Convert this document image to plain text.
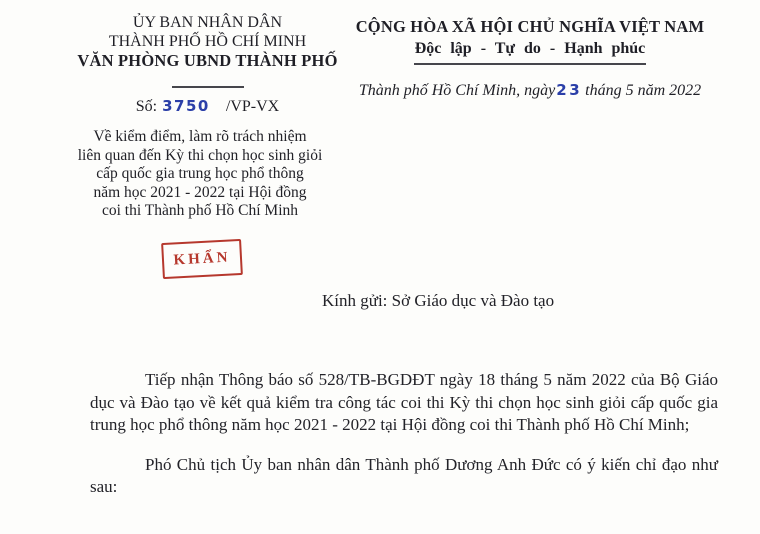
ỦY BAN NHÂN DÂN
THÀNH PHỐ HỒ CHÍ MINH
VĂN PHÒNG UBND THÀNH PHỐ
Số: 3750 /VP-VX
CỘNG HÒA XÃ HỘI CHỦ NGHĨA VIỆT NAM
Độc lập - Tự do - Hạnh phúc
Thành phố Hồ Chí Minh, ngày23 tháng 5 năm 2022
Về kiểm điểm, làm rõ trách nhiệm
liên quan đến Kỳ thi chọn học sinh giỏi
cấp quốc gia trung học phổ thông
năm học 2021 - 2022 tại Hội đồng
coi thi Thành phố Hồ Chí Minh
KHẨN
Kính gửi: Sở Giáo dục và Đào tạo

Tiếp nhận Thông báo số 528/TB-BGDĐT ngày 18 tháng 5 năm 2022 của Bộ Giáo dục và Đào tạo về kết quả kiểm tra công tác coi thi Kỳ thi chọn học sinh giỏi cấp quốc gia trung học phổ thông năm học 2021 - 2022 tại Hội đồng coi thi Thành phố Hồ Chí Minh;

Phó Chủ tịch Ủy ban nhân dân Thành phố Dương Anh Đức có ý kiến chỉ đạo như sau:
